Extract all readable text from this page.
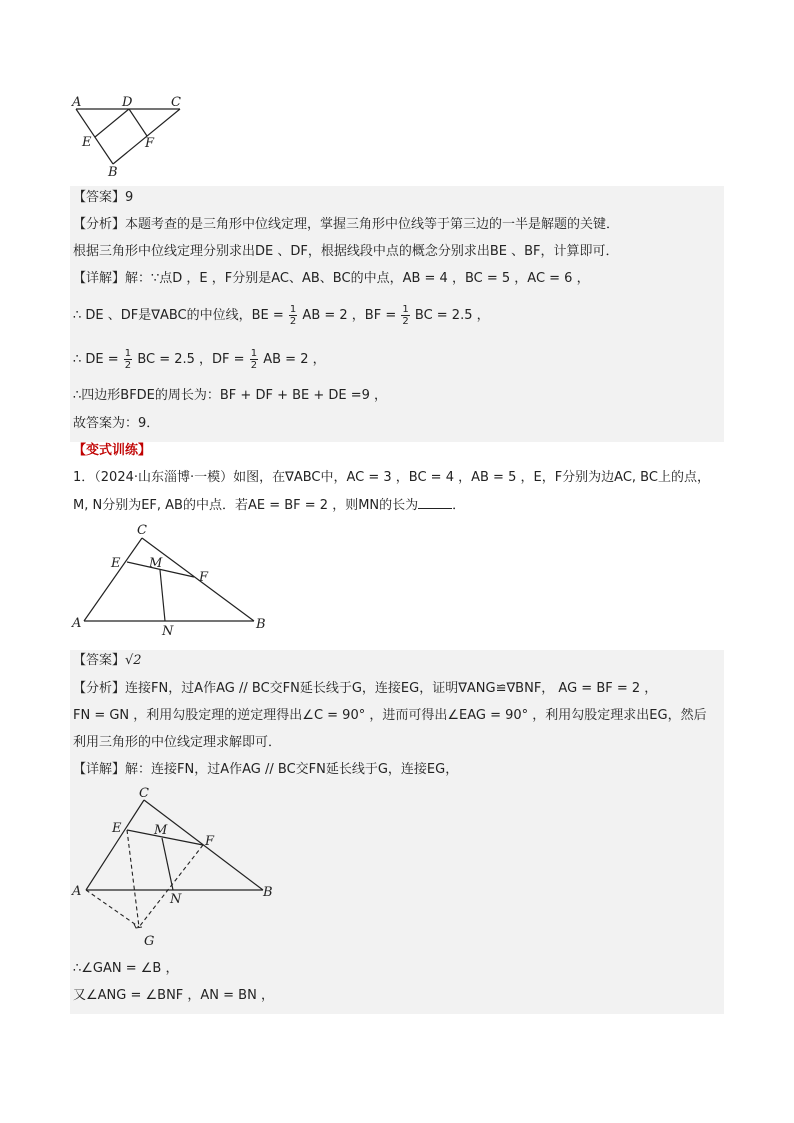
A	D	C
E	F
B
【答案】9
【分析】本题考查的是三角形中位线定理，掌握三角形中位线等于第三边的一半是解题的关键．
根据三角形中位线定理分别求出DE 、DF，根据线段中点的概念分别求出BE 、BF，计算即可．
【详解】解：∵点D ，E ，F分别是AC、AB、BC的中点，AB = 4 ，BC = 5 ，AC = 6 ，
∴ DE 、DF是∇ABC的中位线，BE = $\frac{1}{2}$ AB = 2 ，BF = $\frac{1}{2}$ BC = 2.5 ，
∴ DE = $\frac{1}{2}$ BC = 2.5 ，DF = $\frac{1}{2}$ AB = 2 ，
∴四边形BFDE的周长为：BF + DF + BE + DE =9 ，
故答案为：9．
【变式训练】
1．（2024·山东淄博·一模）如图，在∇ABC中，AC = 3 ，BC = 4 ，AB = 5 ，E，F分别为边AC, BC上的点，
M, N分别为EF, AB的中点．若AE = BF = 2 ，则MN的长为	．
C
E M
F
A
N	B
【答案】√2
【分析】连接FN，过A作AG // BC交FN延长线于G，连接EG，证明∇ANG≌∇BNF， AG = BF = 2 ，
FN = GN ，利用勾股定理的逆定理得出∠C = 90° ，进而可得出∠EAG = 90° ，利用勾股定理求出EG，然后
利用三角形的中位线定理求解即可．
【详解】解：连接FN，过A作AG // BC交FN延长线于G，连接EG，
C
E	M
F
A
N	B
G
∴∠GAN = ∠B ，
又∠ANG = ∠BNF ，AN = BN ，
